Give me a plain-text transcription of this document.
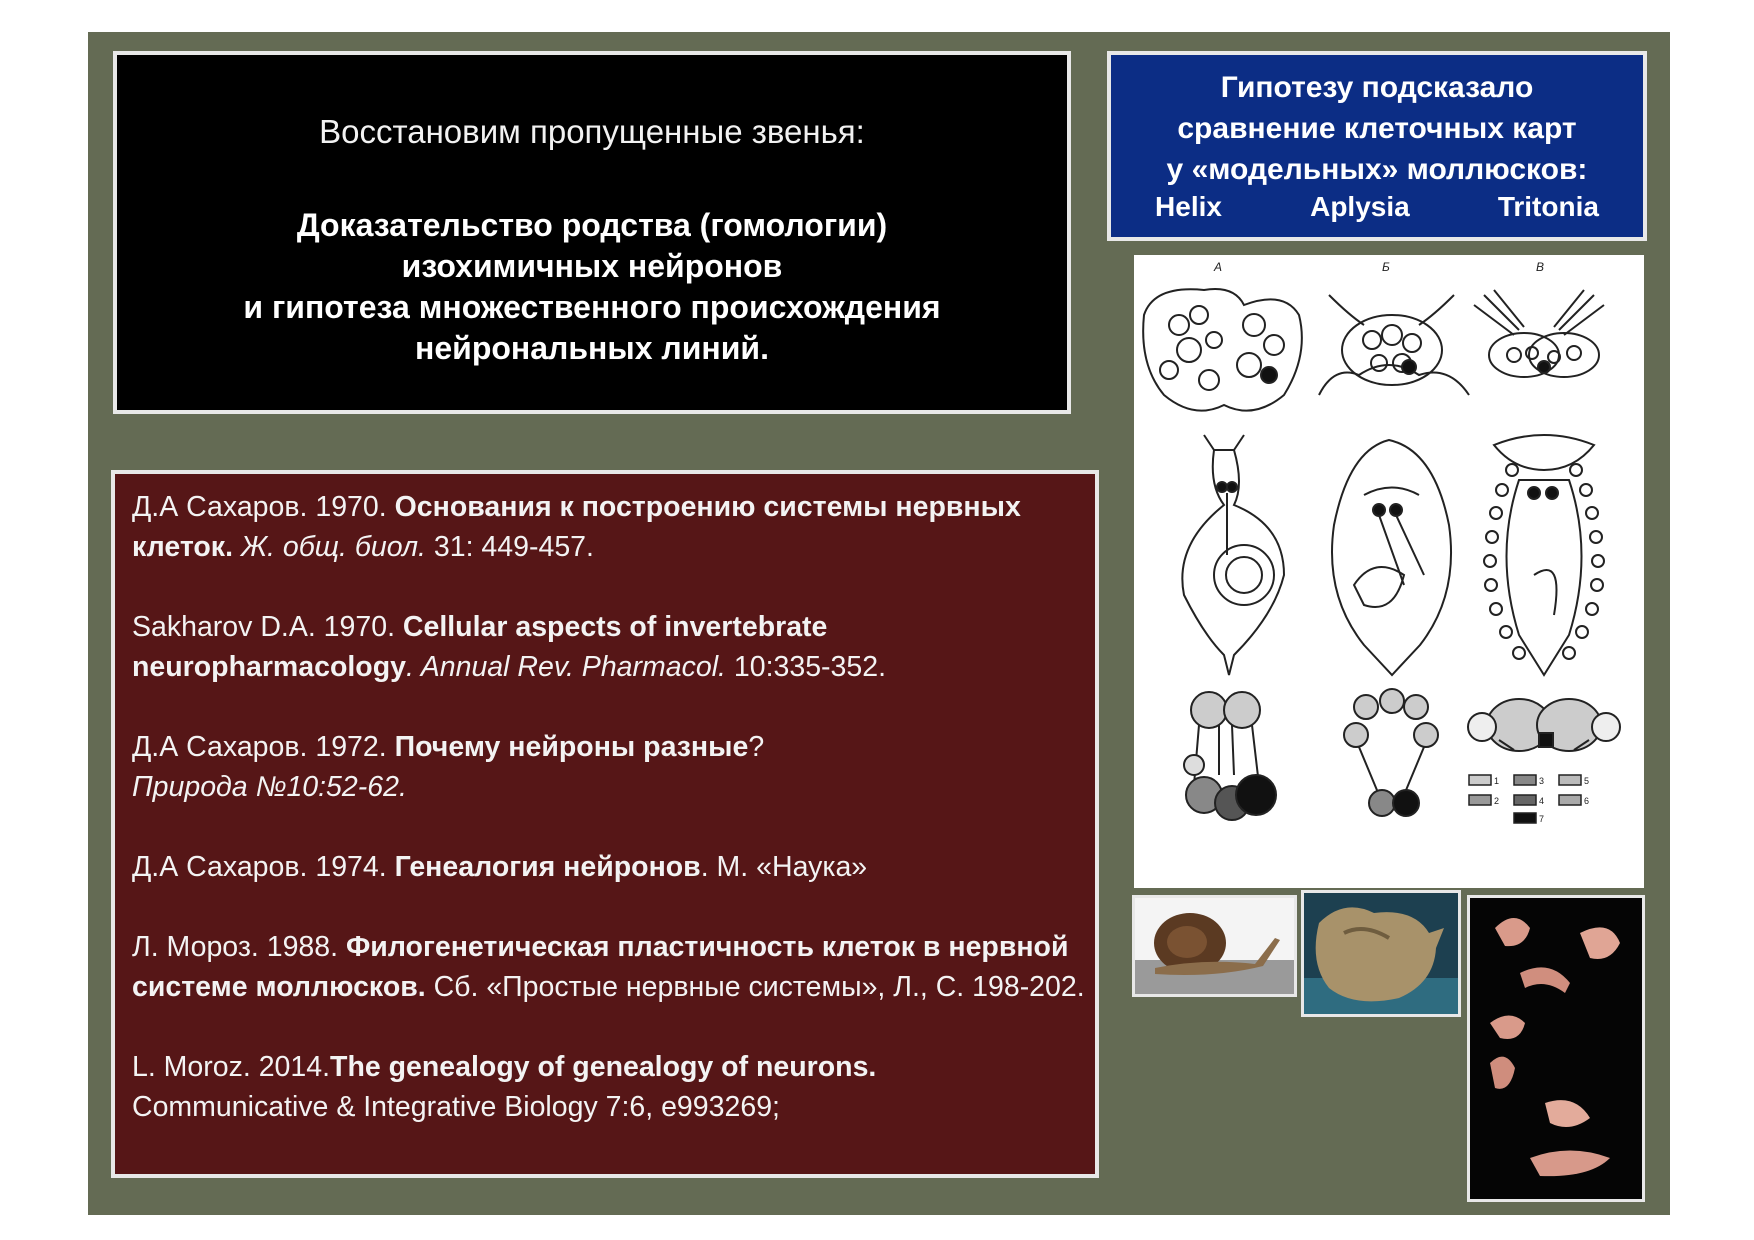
Восстановим пропущенные звенья:
Доказательство родства (гомологии)
изохимичных нейронов
и гипотеза множественного происхождения
нейрональных линий.
Гипотезу подсказало
сравнение клеточных карт
у «модельных» моллюсков:
Helix	Aplysia	Tritonia
Д.А Сахаров. 1970. Основания к построению системы нервных клеток. Ж. общ. биол. 31: 449-457.
Sakharov D.A. 1970. Cellular aspects of invertebrate neuropharmacology. Annual Rev. Pharmacol. 10:335-352.
Д.А Сахаров. 1972. Почему нейроны разные?
Природа №10:52-62.
Д.А Сахаров. 1974. Генеалогия нейронов. М. «Наука»
Л. Мороз. 1988. Филогенетическая пластичность клеток в нервной системе моллюсков. Сб. «Простые нервные системы», Л., С. 198-202.
L. Moroz. 2014.The genealogy of genealogy of neurons.
Communicative & Integrative Biology 7:6, e993269;
А	Б	В
1	3	5
2	4	6
7
